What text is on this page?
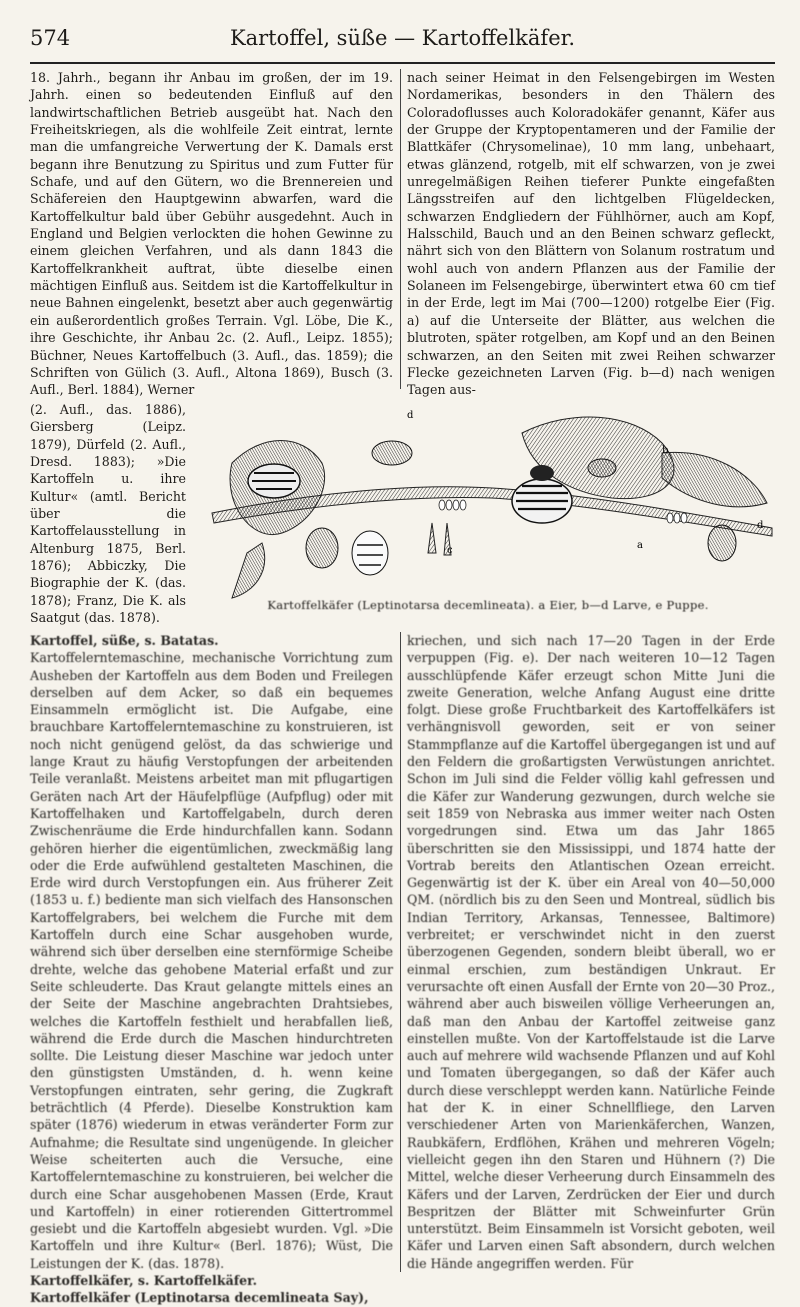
574	Kartoffel, süße — Kartoffelkäfer.

18. Jahrh., begann ihr Anbau im großen, der im 19. Jahrh. einen so bedeutenden Einfluß auf den landwirtschaftlichen Betrieb ausgeübt hat. Nach den Freiheitskriegen, als die wohlfeile Zeit eintrat, lernte man die umfangreiche Verwertung der K. Damals erst begann ihre Benutzung zu Spiritus und zum Futter für Schafe, und auf den Gütern, wo die Brennereien und Schäfereien den Hauptgewinn abwarfen, ward die Kartoffelkultur bald über Gebühr ausgedehnt. Auch in England und Belgien verlockten die hohen Gewinne zu einem gleichen Verfahren, und als dann 1843 die Kartoffelkrankheit auftrat, übte dieselbe einen mächtigen Einfluß aus. Seitdem ist die Kartoffelkultur in neue Bahnen eingelenkt, besetzt aber auch gegenwärtig ein außerordentlich großes Terrain. Vgl. Löbe, Die K., ihre Geschichte, ihr Anbau 2c. (2. Aufl., Leipz. 1855); Büchner, Neues Kartoffelbuch (3. Aufl., das. 1859); die Schriften von Gülich (3. Aufl., Altona 1869), Busch (3. Aufl., Berl. 1884), Werner

(2. Aufl., das. 1886), Giersberg (Leipz. 1879), Dürfeld (2. Aufl., Dresd. 1883); »Die Kartoffeln u. ihre Kultur« (amtl. Bericht über die Kartoffelausstellung in Altenburg 1875, Berl. 1876); Abbiczky, Die Biographie der K. (das. 1878); Franz, Die K. als Saatgut (das. 1878).

nach seiner Heimat in den Felsengebirgen im Westen Nordamerikas, besonders in den Thälern des Coloradoflusses auch Koloradokäfer genannt, Käfer aus der Gruppe der Kryptopentameren und der Familie der Blattkäfer (Chrysomelinae), 10 mm lang, unbehaart, etwas glänzend, rotgelb, mit elf schwarzen, von je zwei unregelmäßigen Reihen tieferer Punkte eingefaßten Längsstreifen auf den lichtgelben Flügeldecken, schwarzen Endgliedern der Fühlhörner, auch am Kopf, Halsschild, Bauch und an den Beinen schwarz gefleckt, nährt sich von den Blättern von Solanum rostratum und wohl auch von andern Pflanzen aus der Familie der Solaneen im Felsengebirge, überwintert etwa 60 cm tief in der Erde, legt im Mai (700—1200) rotgelbe Eier (Fig. a) auf die Unterseite der Blätter, aus welchen die blutroten, später rotgelben, am Kopf und an den Beinen schwarzen, an den Seiten mit zwei Reihen schwarzer Flecke gezeichneten Larven (Fig. b—d) nach wenigen Tagen aus-

d
b
a
c
d
Kartoffelkäfer (Leptinotarsa decemlineata). a Eier, b—d Larve, e Puppe.

Kartoffel, süße, s. Batatas.

Kartoffelerntemaschine, mechanische Vorrichtung zum Ausheben der Kartoffeln aus dem Boden und Freilegen derselben auf dem Acker, so daß ein bequemes Einsammeln ermöglicht ist. Die Aufgabe, eine brauchbare Kartoffelerntemaschine zu konstruieren, ist noch nicht genügend gelöst, da das schwierige und lange Kraut zu häufig Verstopfungen der arbeitenden Teile veranlaßt. Meistens arbeitet man mit pflugartigen Geräten nach Art der Häufelpflüge (Aufpflug) oder mit Kartoffelhaken und Kartoffelgabeln, durch deren Zwischenräume die Erde hindurchfallen kann. Sodann gehören hierher die eigentümlichen, zweckmäßig lang oder die Erde aufwühlend gestalteten Maschinen, die Erde wird durch Verstopfungen ein. Aus früherer Zeit (1853 u. f.) bediente man sich vielfach des Hansonschen Kartoffelgrabers, bei welchem die Furche mit dem Kartoffeln durch eine Schar ausgehoben wurde, während sich über derselben eine sternförmige Scheibe drehte, welche das gehobene Material erfaßt und zur Seite schleuderte. Das Kraut gelangte mittels eines an der Seite der Maschine angebrachten Drahtsiebes, welches die Kartoffeln festhielt und herabfallen ließ, während die Erde durch die Maschen hindurchtreten sollte. Die Leistung dieser Maschine war jedoch unter den günstigsten Umständen, d. h. wenn keine Verstopfungen eintraten, sehr gering, die Zugkraft beträchtlich (4 Pferde). Dieselbe Konstruktion kam später (1876) wiederum in etwas veränderter Form zur Aufnahme; die Resultate sind ungenügende. In gleicher Weise scheiterten auch die Versuche, eine Kartoffelerntemaschine zu konstruieren, bei welcher die durch eine Schar ausgehobenen Massen (Erde, Kraut und Kartoffeln) in einer rotierenden Gittertrommel gesiebt und die Kartoffeln abgesiebt wurden. Vgl. »Die Kartoffeln und ihre Kultur« (Berl. 1876); Wüst, Die Leistungen der K. (das. 1878).

Kartoffelkäfer, s. Kartoffelkäfer.

Kartoffelkäfer (Leptinotarsa decemlineata Say),

kriechen, und sich nach 17—20 Tagen in der Erde verpuppen (Fig. e). Der nach weiteren 10—12 Tagen ausschlüpfende Käfer erzeugt schon Mitte Juni die zweite Generation, welche Anfang August eine dritte folgt. Diese große Fruchtbarkeit des Kartoffelkäfers ist verhängnisvoll geworden, seit er von seiner Stammpflanze auf die Kartoffel übergegangen ist und auf den Feldern die großartigsten Verwüstungen anrichtet. Schon im Juli sind die Felder völlig kahl gefressen und die Käfer zur Wanderung gezwungen, durch welche sie seit 1859 von Nebraska aus immer weiter nach Osten vorgedrungen sind. Etwa um das Jahr 1865 überschritten sie den Mississippi, und 1874 hatte der Vortrab bereits den Atlantischen Ozean erreicht. Gegenwärtig ist der K. über ein Areal von 40—50,000 QM. (nördlich bis zu den Seen und Montreal, südlich bis Indian Territory, Arkansas, Tennessee, Baltimore) verbreitet; er verschwindet nicht in den zuerst überzogenen Gegenden, sondern bleibt überall, wo er einmal erschien, zum beständigen Unkraut. Er verursachte oft einen Ausfall der Ernte von 20—30 Proz., während aber auch bisweilen völlige Verheerungen an, daß man den Anbau der Kartoffel zeitweise ganz einstellen mußte. Von der Kartoffelstaude ist die Larve auch auf mehrere wild wachsende Pflanzen und auf Kohl und Tomaten übergegangen, so daß der Käfer auch durch diese verschleppt werden kann. Natürliche Feinde hat der K. in einer Schnellfliege, den Larven verschiedener Arten von Marienkäferchen, Wanzen, Raubkäfern, Erdflöhen, Krähen und mehreren Vögeln; vielleicht gegen ihn den Staren und Hühnern (?) Die Mittel, welche dieser Verheerung durch Einsammeln des Käfers und der Larven, Zerdrücken der Eier und durch Bespritzen der Blätter mit Schweinfurter Grün unterstützt. Beim Einsammeln ist Vorsicht geboten, weil Käfer und Larven einen Saft absondern, durch welchen die Hände angegriffen werden. Für
